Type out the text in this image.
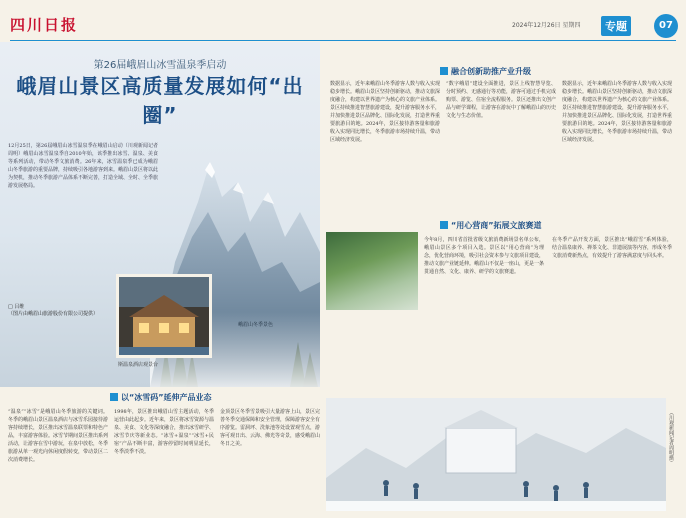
四川日报	2024年12月26日 星期四	专题	07
第26届峨眉山冰雪温泉季启动
峨眉山景区高质量发展如何“出圈”
12月25日，第26届峨眉山冰雪温泉季在峨眉山启动（川观新闻记者周明）峨眉山冰雪温泉季自2010年始，该季推出冰雪、温泉、美食等系列活动，带动冬季文旅消费。26年来，冰雪温泉季已成为峨眉山冬季旅游的重要品牌，持续吸引各地游客到来。峨眉山景区将以此为契机，推动冬季旅游产品体系不断完善，打造全域、全时、全季旅游发展格局。
□ 吕维
（图片由峨眉山旅游股份有限公司提供）
斯温泉酒店观景台
峨眉山冬季景色
以“冰雪码”延伸产品业态
“温泉”“冰雪”是峨眉山冬季旅游的关键词。冬季的峨眉山景区温泉酒店与冰雪乐园接待游客持续增长，景区推出冰雪温泉联票和特色产品，丰富游客体验。冰雪节期间景区推出系列活动，让游客在雪中游玩，在泉中放松，冬季旅游从单一观光向休闲度假转变，带动景区二次消费增长。
1998年，景区推出峨眉山雪主题活动，冬季运营由此起步。近年来，景区将冰雪资源与温泉、美食、文化等深度融合，推出冰雪研学、冰雪节庆等新业态。“冰雪+温泉”“冰雪+民宿”产品不断丰富，游客停留时间明显延长，冬季淡季不淡。
金顶景区冬季雪景吸引大量游客上山，景区完善冬季交通保障和安全管理，保障游客安全有序游览。雷洞坪、洗象池等处设置观雪点，游客可观日出、云海、佛光等奇景，感受峨眉山冬日之美。
融合创新助推产业升级
数据显示，近年来峨眉山冬季游客人数与收入实现稳步增长。峨眉山景区坚持创新驱动，推动文旅深度融合，构建以世界遗产为核心的文旅产业体系。景区持续推进智慧旅游建设，提升游客服务水平，并加快推进景区品牌化、国际化发展，打造世界重要旅游目的地。2024年，景区接待游客量和旅游收入实现同比增长，冬季旅游市场持续升温，带动区域经济发展。
“数字峨眉”建设全面推进，景区上线智慧导览、分时预约、无感通行等功能，游客可通过手机完成购票、游览、住宿全流程服务。景区还推出文创产品与研学课程，让游客在游玩中了解峨眉山的历史文化与生态价值。
数据显示，近年来峨眉山冬季游客人数与收入实现稳步增长。峨眉山景区坚持创新驱动，推动文旅深度融合，构建以世界遗产为核心的文旅产业体系。景区持续推进智慧旅游建设，提升游客服务水平，并加快推进景区品牌化、国际化发展，打造世界重要旅游目的地。2024年，景区接待游客量和旅游收入实现同比增长，冬季旅游市场持续升温，带动区域经济发展。
“用心营商”拓展文旅赛道
今年8月，四川省首批省级文旅消费新场景名单公布，峨眉山景区多个项目入选。景区以“用心营商”为理念，优化营商环境，吸引社会资本参与文旅项目建设，推动文旅产业链延伸。峨眉山不仅是一座山，更是一条贯通自然、文化、康养、研学的文旅赛道。
在冬季产品开发方面，景区推出“峨眉雪”系列体验，结合温泉康养、禅茶文化、非遗展演等内容，形成冬季文旅消费新热点，有效提升了游客满意度与回头率。
（川观新闻记者周明摄）
